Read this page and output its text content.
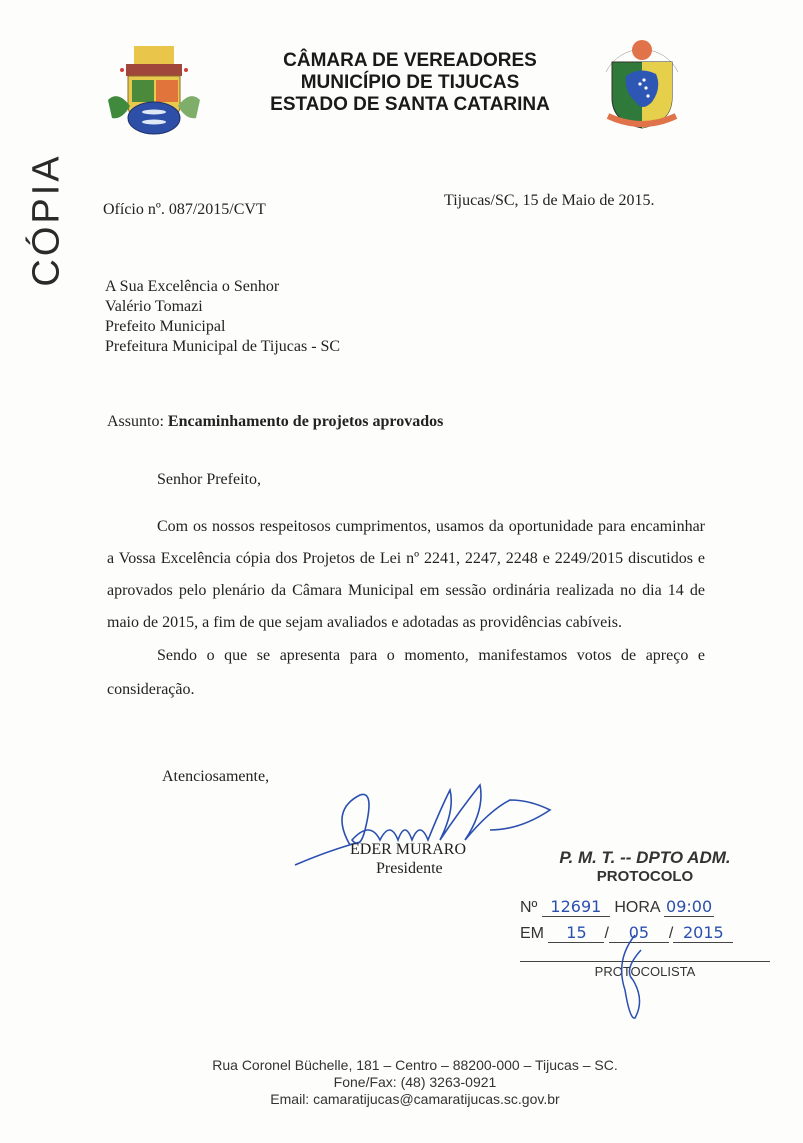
CÂMARA DE VEREADORES
MUNICÍPIO DE TIJUCAS
ESTADO DE SANTA CATARINA
CÓPIA Ofício nº. 087/2015/CVT
Tijucas/SC, 15 de Maio de 2015.
A Sua Excelência o Senhor
Valério Tomazi
Prefeito Municipal
Prefeitura Municipal de Tijucas - SC
Assunto: Encaminhamento de projetos aprovados
Senhor Prefeito,

Com os nossos respeitosos cumprimentos, usamos da oportunidade para encaminhar a Vossa Excelência cópia dos Projetos de Lei nº 2241, 2247, 2248 e 2249/2015 discutidos e aprovados pelo plenário da Câmara Municipal em sessão ordinária realizada no dia 14 de maio de 2015, a fim de que sejam avaliados e adotadas as providências cabíveis.

Sendo o que se apresenta para o momento, manifestamos votos de apreço e consideração.

Atenciosamente,
EDER MURARO
Presidente
P. M. T. -- DPTO ADM.
PROTOCOLO
Nº 12691 HORA 09:00
EM 15 / 05 / 2015
PROTOCOLISTA
Rua Coronel Büchelle, 181 – Centro – 88200-000 – Tijucas – SC.
Fone/Fax: (48) 3263-0921
Email: camaratijucas@camaratijucas.sc.gov.br
